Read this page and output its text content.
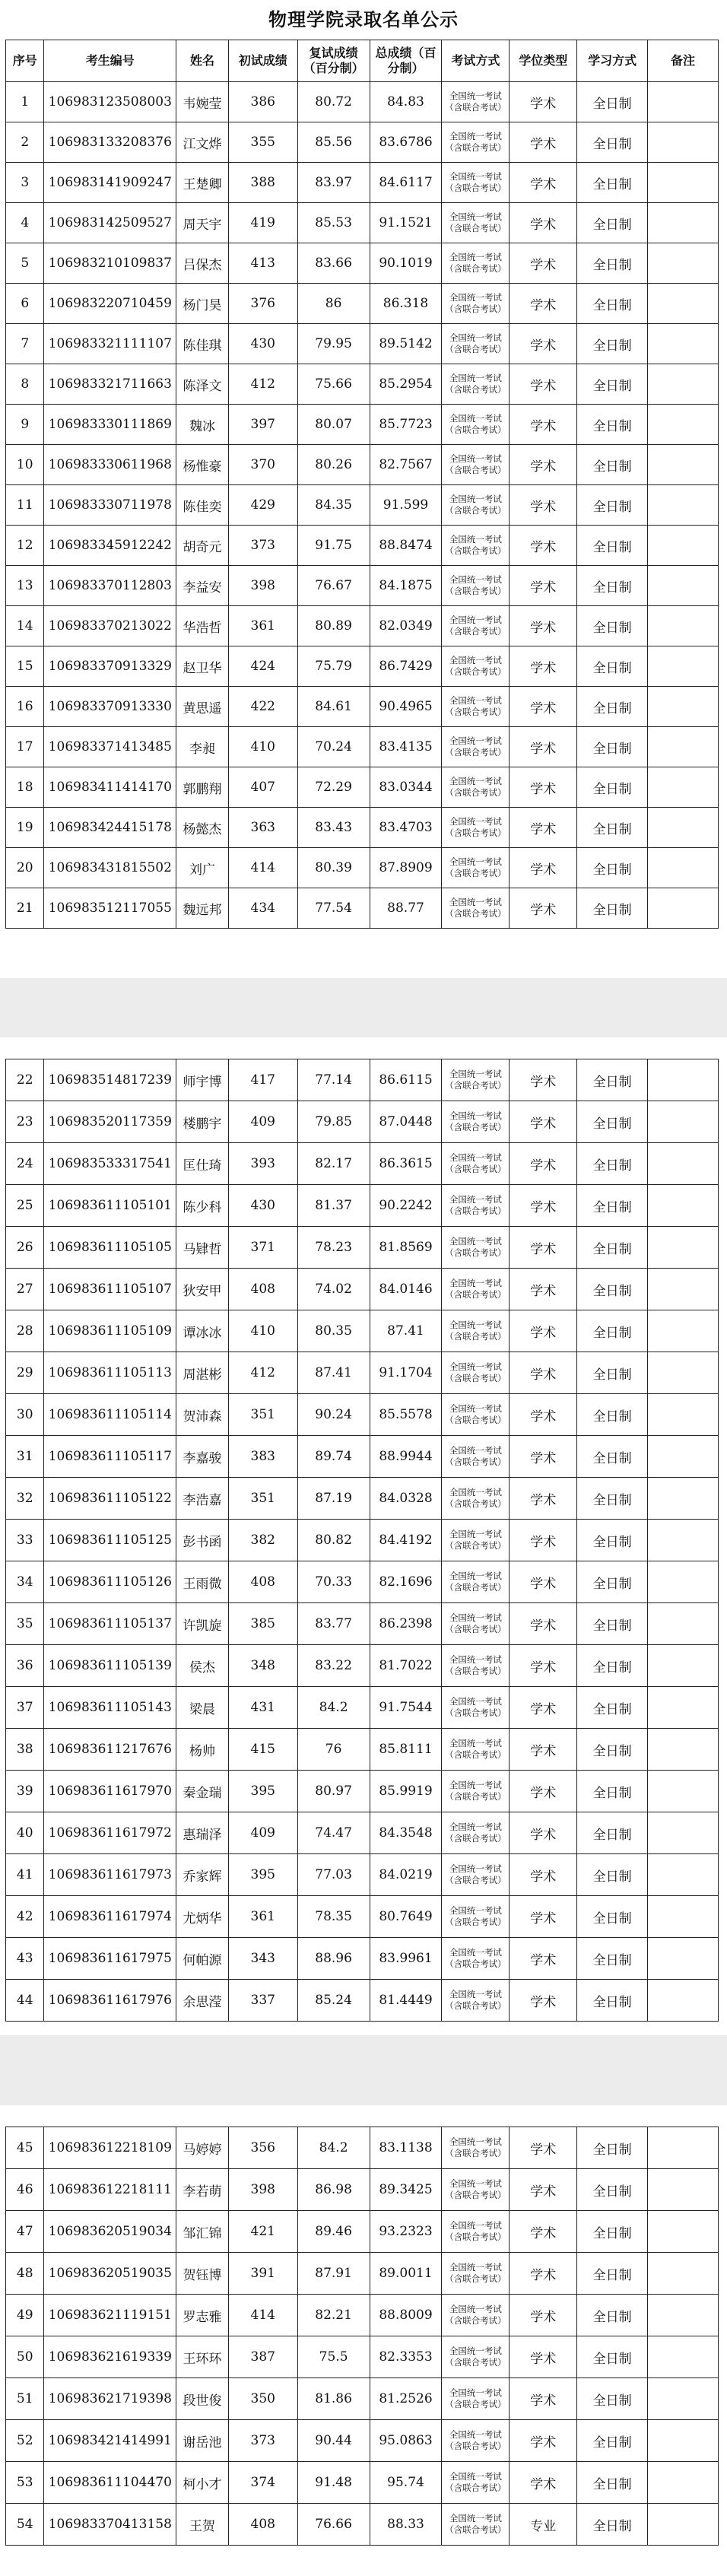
物理学院录取名单公示
序号	考生编号	姓名	初试成绩	复试成绩（百分制）	总成绩（百分制）	考试方式	学位类型	学习方式	备注
1	106983123508003	韦婉莹	386	80.72	84.83	全国统一考试（含联合考试）	学术	全日制	
2	106983133208376	江文烨	355	85.56	83.6786	全国统一考试（含联合考试）	学术	全日制	
3	106983141909247	王楚卿	388	83.97	84.6117	全国统一考试（含联合考试）	学术	全日制	
4	106983142509527	周天宇	419	85.53	91.1521	全国统一考试（含联合考试）	学术	全日制	
5	106983210109837	吕保杰	413	83.66	90.1019	全国统一考试（含联合考试）	学术	全日制	
6	106983220710459	杨门昊	376	86	86.318	全国统一考试（含联合考试）	学术	全日制	
7	106983321111107	陈佳琪	430	79.95	89.5142	全国统一考试（含联合考试）	学术	全日制	
8	106983321711663	陈泽文	412	75.66	85.2954	全国统一考试（含联合考试）	学术	全日制	
9	106983330111869	魏冰	397	80.07	85.7723	全国统一考试（含联合考试）	学术	全日制	
10	106983330611968	杨惟豪	370	80.26	82.7567	全国统一考试（含联合考试）	学术	全日制	
11	106983330711978	陈佳奕	429	84.35	91.599	全国统一考试（含联合考试）	学术	全日制	
12	106983345912242	胡奇元	373	91.75	88.8474	全国统一考试（含联合考试）	学术	全日制	
13	106983370112803	李益安	398	76.67	84.1875	全国统一考试（含联合考试）	学术	全日制	
14	106983370213022	华浩哲	361	80.89	82.0349	全国统一考试（含联合考试）	学术	全日制	
15	106983370913329	赵卫华	424	75.79	86.7429	全国统一考试（含联合考试）	学术	全日制	
16	106983370913330	黄思遥	422	84.61	90.4965	全国统一考试（含联合考试）	学术	全日制	
17	106983371413485	李昶	410	70.24	83.4135	全国统一考试（含联合考试）	学术	全日制	
18	106983411414170	郭鹏翔	407	72.29	83.0344	全国统一考试（含联合考试）	学术	全日制	
19	106983424415178	杨懿杰	363	83.43	83.4703	全国统一考试（含联合考试）	学术	全日制	
20	106983431815502	刘广	414	80.39	87.8909	全国统一考试（含联合考试）	学术	全日制	
21	106983512117055	魏远邦	434	77.54	88.77	全国统一考试（含联合考试）	学术	全日制	
22	106983514817239	师宇博	417	77.14	86.6115	全国统一考试（含联合考试）	学术	全日制	
23	106983520117359	楼鹏宇	409	79.85	87.0448	全国统一考试（含联合考试）	学术	全日制	
24	106983533317541	匡仕琦	393	82.17	86.3615	全国统一考试（含联合考试）	学术	全日制	
25	106983611105101	陈少科	430	81.37	90.2242	全国统一考试（含联合考试）	学术	全日制	
26	106983611105105	马肄哲	371	78.23	81.8569	全国统一考试（含联合考试）	学术	全日制	
27	106983611105107	狄安甲	408	74.02	84.0146	全国统一考试（含联合考试）	学术	全日制	
28	106983611105109	谭冰冰	410	80.35	87.41	全国统一考试（含联合考试）	学术	全日制	
29	106983611105113	周湛彬	412	87.41	91.1704	全国统一考试（含联合考试）	学术	全日制	
30	106983611105114	贺沛森	351	90.24	85.5578	全国统一考试（含联合考试）	学术	全日制	
31	106983611105117	李嘉骏	383	89.74	88.9944	全国统一考试（含联合考试）	学术	全日制	
32	106983611105122	李浩嘉	351	87.19	84.0328	全国统一考试（含联合考试）	学术	全日制	
33	106983611105125	彭书函	382	80.82	84.4192	全国统一考试（含联合考试）	学术	全日制	
34	106983611105126	王雨微	408	70.33	82.1696	全国统一考试（含联合考试）	学术	全日制	
35	106983611105137	许凯旋	385	83.77	86.2398	全国统一考试（含联合考试）	学术	全日制	
36	106983611105139	侯杰	348	83.22	81.7022	全国统一考试（含联合考试）	学术	全日制	
37	106983611105143	梁晨	431	84.2	91.7544	全国统一考试（含联合考试）	学术	全日制	
38	106983611217676	杨帅	415	76	85.8111	全国统一考试（含联合考试）	学术	全日制	
39	106983611617970	秦金瑞	395	80.97	85.9919	全国统一考试（含联合考试）	学术	全日制	
40	106983611617972	惠瑞泽	409	74.47	84.3548	全国统一考试（含联合考试）	学术	全日制	
41	106983611617973	乔家辉	395	77.03	84.0219	全国统一考试（含联合考试）	学术	全日制	
42	106983611617974	尤炳华	361	78.35	80.7649	全国统一考试（含联合考试）	学术	全日制	
43	106983611617975	何帕源	343	88.96	83.9961	全国统一考试（含联合考试）	学术	全日制	
44	106983611617976	余思滢	337	85.24	81.4449	全国统一考试（含联合考试）	学术	全日制	
45	106983612218109	马婷婷	356	84.2	83.1138	全国统一考试（含联合考试）	学术	全日制	
46	106983612218111	李若萌	398	86.98	89.3425	全国统一考试（含联合考试）	学术	全日制	
47	106983620519034	邹汇锦	421	89.46	93.2323	全国统一考试（含联合考试）	学术	全日制	
48	106983620519035	贺钰博	391	87.91	89.0011	全国统一考试（含联合考试）	学术	全日制	
49	106983621119151	罗志雅	414	82.21	88.8009	全国统一考试（含联合考试）	学术	全日制	
50	106983621619339	王环环	387	75.5	82.3353	全国统一考试（含联合考试）	学术	全日制	
51	106983621719398	段世俊	350	81.86	81.2526	全国统一考试（含联合考试）	学术	全日制	
52	106983421414991	谢岳池	373	90.44	95.0863	全国统一考试（含联合考试）	学术	全日制	
53	106983611104470	柯小才	374	91.48	95.74	全国统一考试（含联合考试）	学术	全日制	
54	106983370413158	王贺	408	76.66	88.33	全国统一考试（含联合考试）	专业	全日制	
